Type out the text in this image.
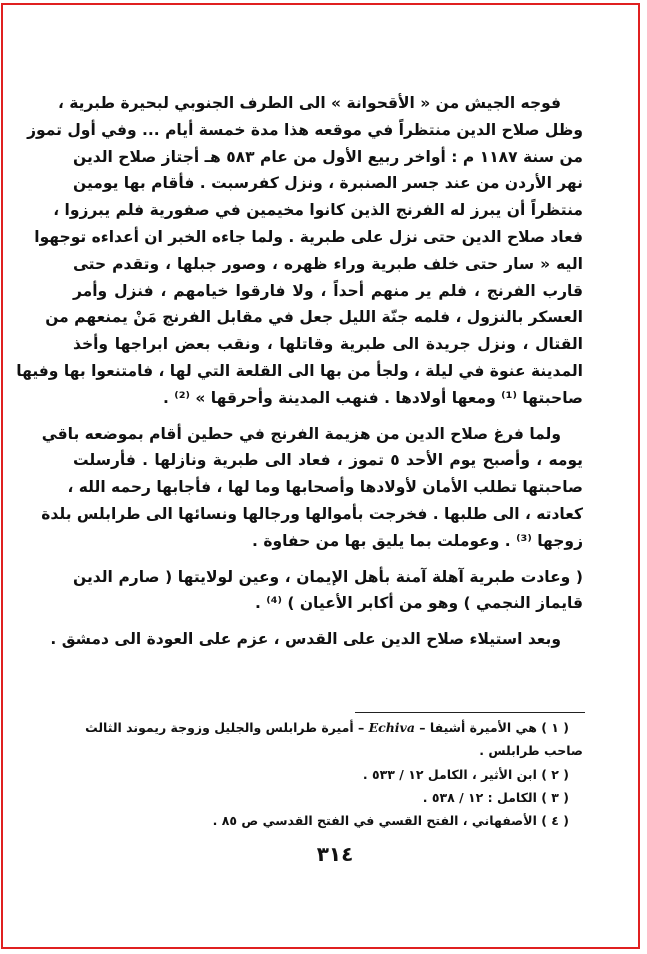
فوجه الجيش من « الأقحوانة » الى الطرف الجنوبي لبحيرة طبرية ،
وظل صلاح الدين منتظراً في موقعه هذا مدة خمسة أيام ... وفي أول تموز
من سنة ١١٨٧ م : أواخر ربيع الأول من عام ٥٨٣ هـ أجتاز صلاح الدين
نهر الأردن من عند جسر الصنبرة ، ونزل كفرسبت . فأقام بها يومين
منتظراً أن يبرز له الفرنج الذين كانوا مخيمين في صفورية فلم يبرزوا ،
فعاد صلاح الدين حتى نزل على طبرية . ولما جاءه الخبر ان أعداءه توجهوا
اليه « سار حتى خلف طبرية وراء ظهره ، وصور جبلها ، وتقدم حتى
قارب الفرنج ، فلم ير منهم أحداً ، ولا فارقوا خيامهم ، فنزل وأمر
العسكر بالنزول ، فلمه جنّة الليل جعل في مقابل الفرنج مَنْ يمنعهم من
القتال ، ونزل جريدة الى طبرية وقاتلها ، ونقب بعض ابراجها وأخذ
المدينة عنوة في ليلة ، ولجأ من بها الى القلعة التي لها ، فامتنعوا بها وفيها
صاحبتها ⁽¹⁾ ومعها أولادها . فنهب المدينة وأحرقها » ⁽²⁾ .
ولما فرغ صلاح الدين من هزيمة الفرنج في حطين أقام بموضعه باقي
يومه ، وأصبح يوم الأحد ٥ تموز ، فعاد الى طبرية ونازلها . فأرسلت
صاحبتها تطلب الأمان لأولادها وأصحابها وما لها ، فأجابها رحمه الله ،
كعادته ، الى طلبها . فخرجت بأموالها ورجالها ونسائها الى طرابلس بلدة
زوجها ⁽³⁾ . وعوملت بما يليق بها من حفاوة .
( وعادت طبرية آهلة آمنة بأهل الإيمان ، وعين لولايتها ( صارم الدين
قايماز النجمي ) وهو من أكابر الأعيان ) ⁽⁴⁾ .
وبعد استيلاء صلاح الدين على القدس ، عزم على العودة الى دمشق .
( ١ ) هي الأميرة أشيفا – Echiva – أميرة طرابلس والجليل وزوجة ريموند الثالث
صاحب طرابلس .
( ٢ ) ابن الأثير ، الكامل ١٢ / ٥٣٣ .
( ٣ ) الكامل : ١٢ / ٥٣٨ .
( ٤ ) الأصفهاني ، الفتح القسي في الفتح القدسي ص ٨٥ .
٣١٤
